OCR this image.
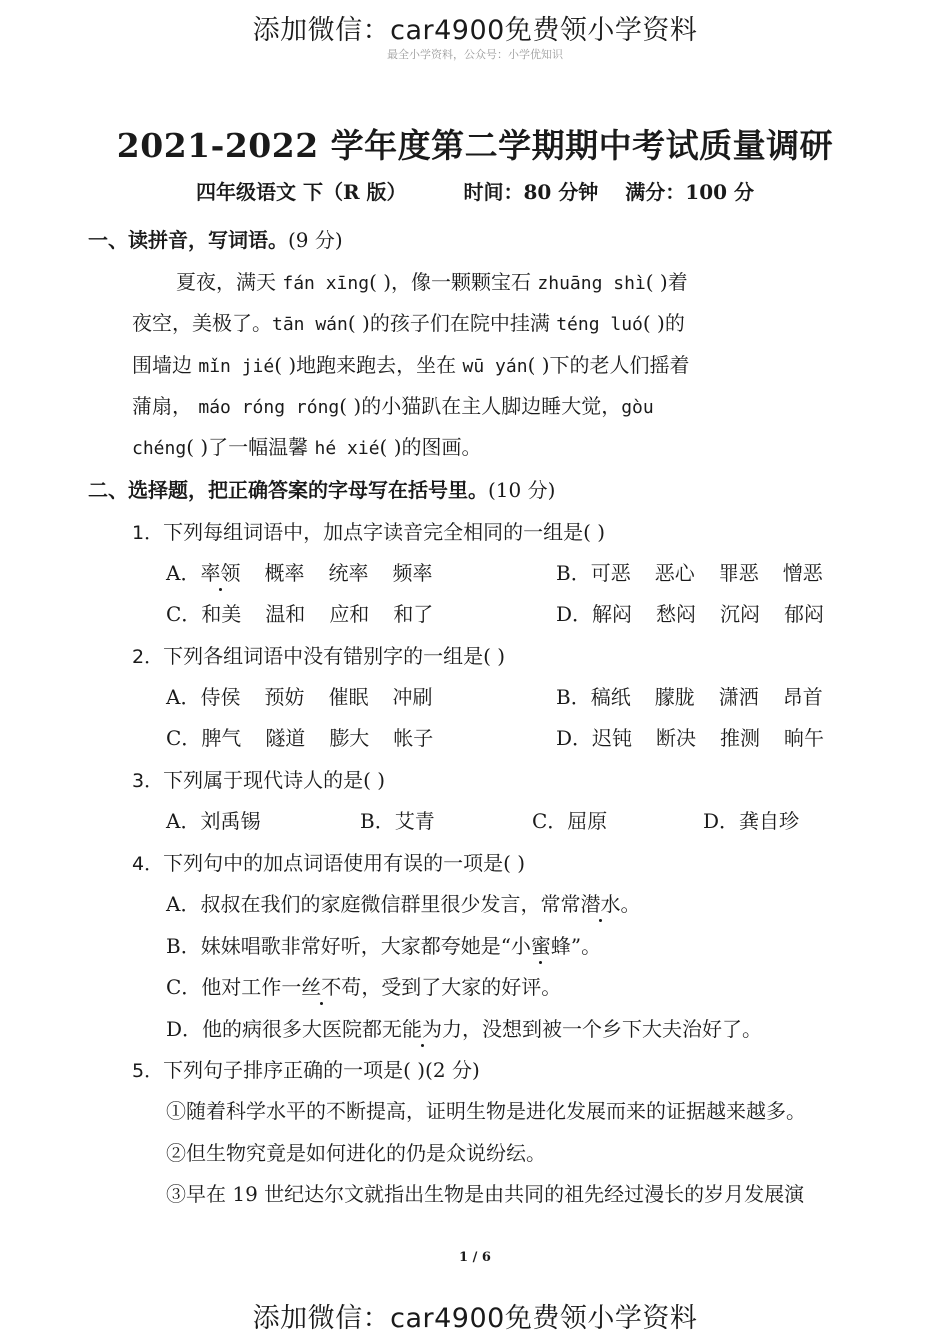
添加微信：car4900免费领小学资料
最全小学资料，公众号：小学优知识
2021-2022 学年度第二学期期中考试质量调研
四年级语文 下（R 版）	时间：80 分钟 满分：100 分
一、读拼音，写词语。(9 分)
夏夜，满天 fán xīng( )，像一颗颗宝石 zhuāng shì( )着
夜空，美极了。tān wán( )的孩子们在院中挂满 téng luó( )的
围墙边 mǐn jié( )地跑来跑去，坐在 wū yán( )下的老人们摇着
蒲扇， máo róng róng( )的小猫趴在主人脚边睡大觉，gòu
chéng( )了一幅温馨 hé xié( )的图画。
二、选择题，把正确答案的字母写在括号里。(10 分)
1．下列每组词语中，加点字读音完全相同的一组是( )
A．率领 概率 统率 频率	B．可恶 恶心 罪恶 憎恶
C．和美 温和 应和 和了	D．解闷 愁闷 沉闷 郁闷
2．下列各组词语中没有错别字的一组是( )
A．侍侯 预妨 催眠 冲刷	B．稿纸 朦胧 潇洒 昂首
C．脾气 隧道 膨大 帐子	D．迟钝 断决 推测 晌午
3．下列属于现代诗人的是( )
A．刘禹锡	B．艾青	C．屈原	D．龚自珍
4．下列句中的加点词语使用有误的一项是( )
A．叔叔在我们的家庭微信群里很少发言，常常潜水。
B．妹妹唱歌非常好听，大家都夸她是“小蜜蜂”。
C．他对工作一丝不苟，受到了大家的好评。
D．他的病很多大医院都无能为力，没想到被一个乡下大夫治好了。
5．下列句子排序正确的一项是( )(2 分)
①随着科学水平的不断提高，证明生物是进化发展而来的证据越来越多。
②但生物究竟是如何进化的仍是众说纷纭。
③早在 19 世纪达尔文就指出生物是由共同的祖先经过漫长的岁月发展演
1 / 6
添加微信：car4900免费领小学资料
